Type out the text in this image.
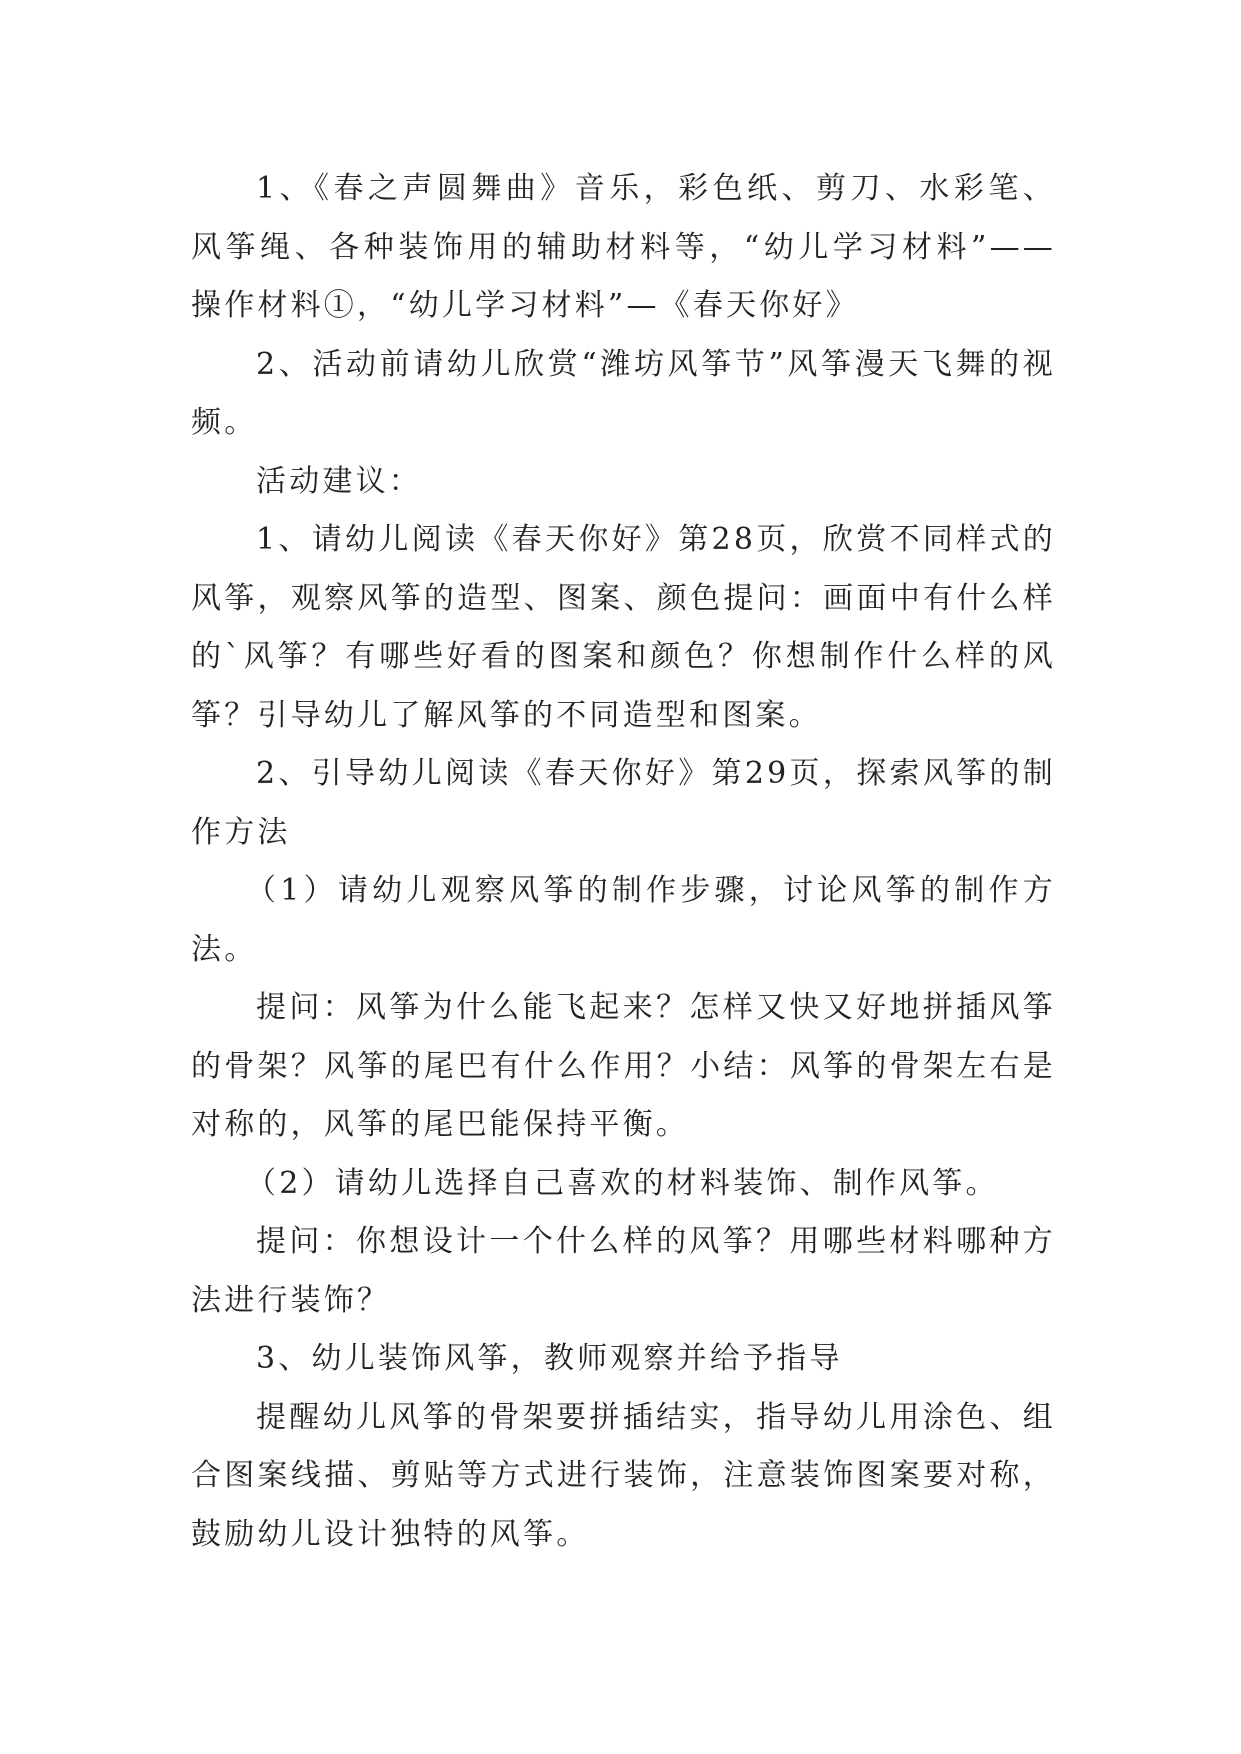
1、《春之声圆舞曲》音乐，彩色纸、剪刀、水彩笔、风筝绳、各种装饰用的辅助材料等，“幼儿学习材料”——操作材料①，“幼儿学习材料”—《春天你好》

2、活动前请幼儿欣赏“潍坊风筝节”风筝漫天飞舞的视频。

活动建议：

1、请幼儿阅读《春天你好》第28页，欣赏不同样式的风筝，观察风筝的造型、图案、颜色提问：画面中有什么样的`风筝？有哪些好看的图案和颜色？你想制作什么样的风筝？引导幼儿了解风筝的不同造型和图案。

2、引导幼儿阅读《春天你好》第29页，探索风筝的制作方法

（1）请幼儿观察风筝的制作步骤，讨论风筝的制作方法。

提问：风筝为什么能飞起来？怎样又快又好地拼插风筝的骨架？风筝的尾巴有什么作用？小结：风筝的骨架左右是对称的，风筝的尾巴能保持平衡。

（2）请幼儿选择自己喜欢的材料装饰、制作风筝。

提问：你想设计一个什么样的风筝？用哪些材料哪种方法进行装饰？

3、幼儿装饰风筝，教师观察并给予指导

提醒幼儿风筝的骨架要拼插结实，指导幼儿用涂色、组合图案线描、剪贴等方式进行装饰，注意装饰图案要对称，鼓励幼儿设计独特的风筝。
